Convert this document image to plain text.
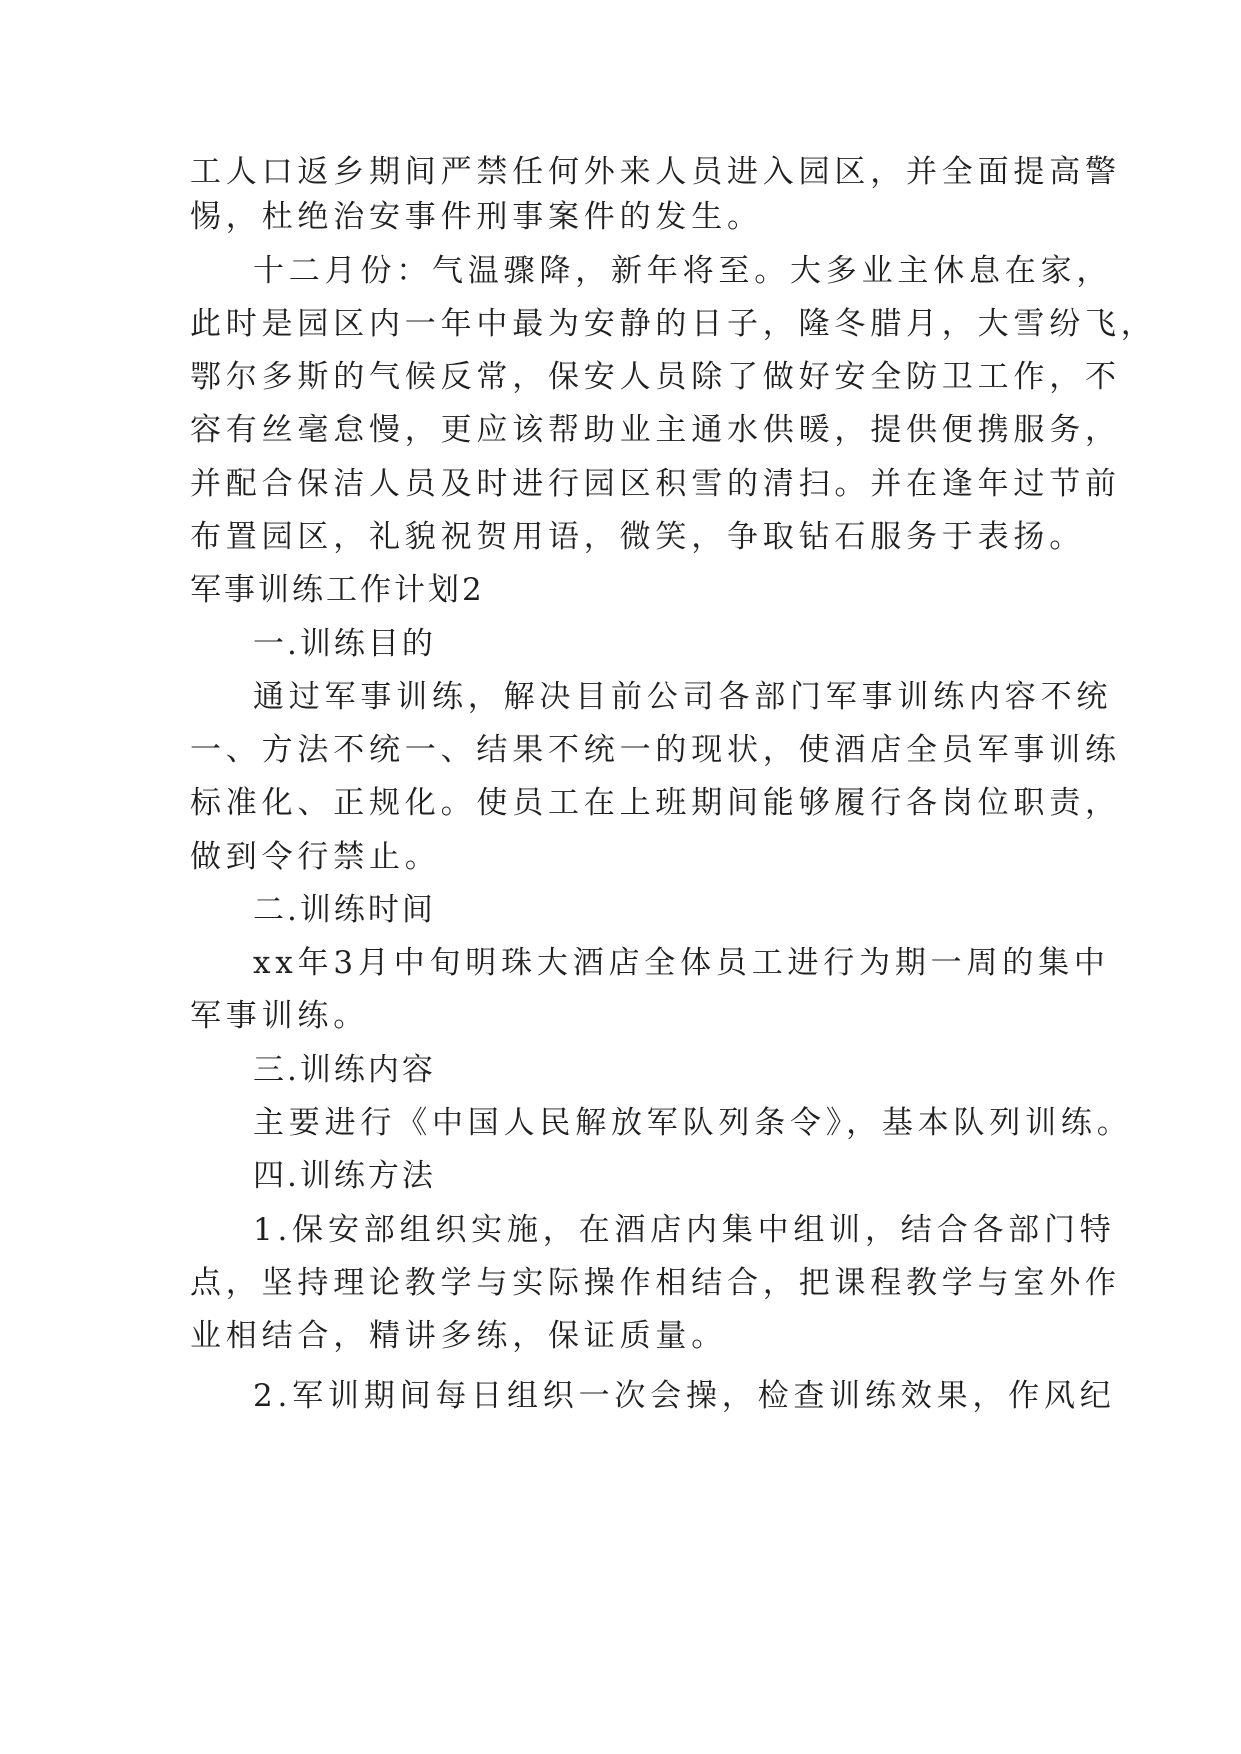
工人口返乡期间严禁任何外来人员进入园区，并全面提高警

惕，杜绝治安事件刑事案件的发生。

十二月份：气温骤降，新年将至。大多业主休息在家，

此时是园区内一年中最为安静的日子，隆冬腊月，大雪纷飞，

鄂尔多斯的气候反常，保安人员除了做好安全防卫工作，不

容有丝毫怠慢，更应该帮助业主通水供暖，提供便携服务，

并配合保洁人员及时进行园区积雪的清扫。并在逢年过节前

布置园区，礼貌祝贺用语，微笑，争取钻石服务于表扬。

军事训练工作计划2

一.训练目的

通过军事训练，解决目前公司各部门军事训练内容不统

一、方法不统一、结果不统一的现状，使酒店全员军事训练

标准化、正规化。使员工在上班期间能够履行各岗位职责，

做到令行禁止。

二.训练时间

xx年3月中旬明珠大酒店全体员工进行为期一周的集中

军事训练。

三.训练内容

主要进行《中国人民解放军队列条令》，基本队列训练。

四.训练方法

1.保安部组织实施，在酒店内集中组训，结合各部门特

点，坚持理论教学与实际操作相结合，把课程教学与室外作

业相结合，精讲多练，保证质量。

2.军训期间每日组织一次会操，检查训练效果，作风纪
